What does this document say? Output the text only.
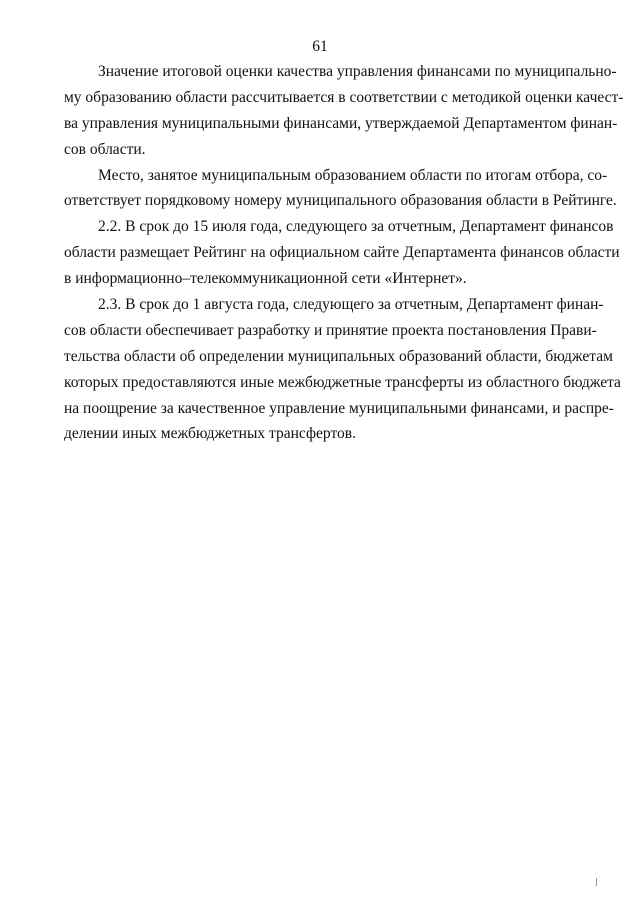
61
Значение итоговой оценки качества управления финансами по муниципально-
му образованию области рассчитывается в соответствии с методикой оценки качест-
ва управления муниципальными финансами, утверждаемой Департаментом финан-
сов области.
Место, занятое муниципальным образованием области по итогам отбора, со-
ответствует порядковому номеру муниципального образования области в Рейтинге.
2.2. В срок до 15 июля года, следующего за отчетным, Департамент финансов
области размещает Рейтинг на официальном сайте Департамента финансов области
в информационно–телекоммуникационной сети «Интернет».
2.3. В срок до 1 августа года, следующего за отчетным, Департамент финан-
сов области обеспечивает разработку и принятие проекта постановления Прави-
тельства области об определении муниципальных образований области, бюджетам
которых предоставляются иные межбюджетные трансферты из областного бюджета
на поощрение за качественное управление муниципальными финансами, и распре-
делении иных межбюджетных трансфертов.
